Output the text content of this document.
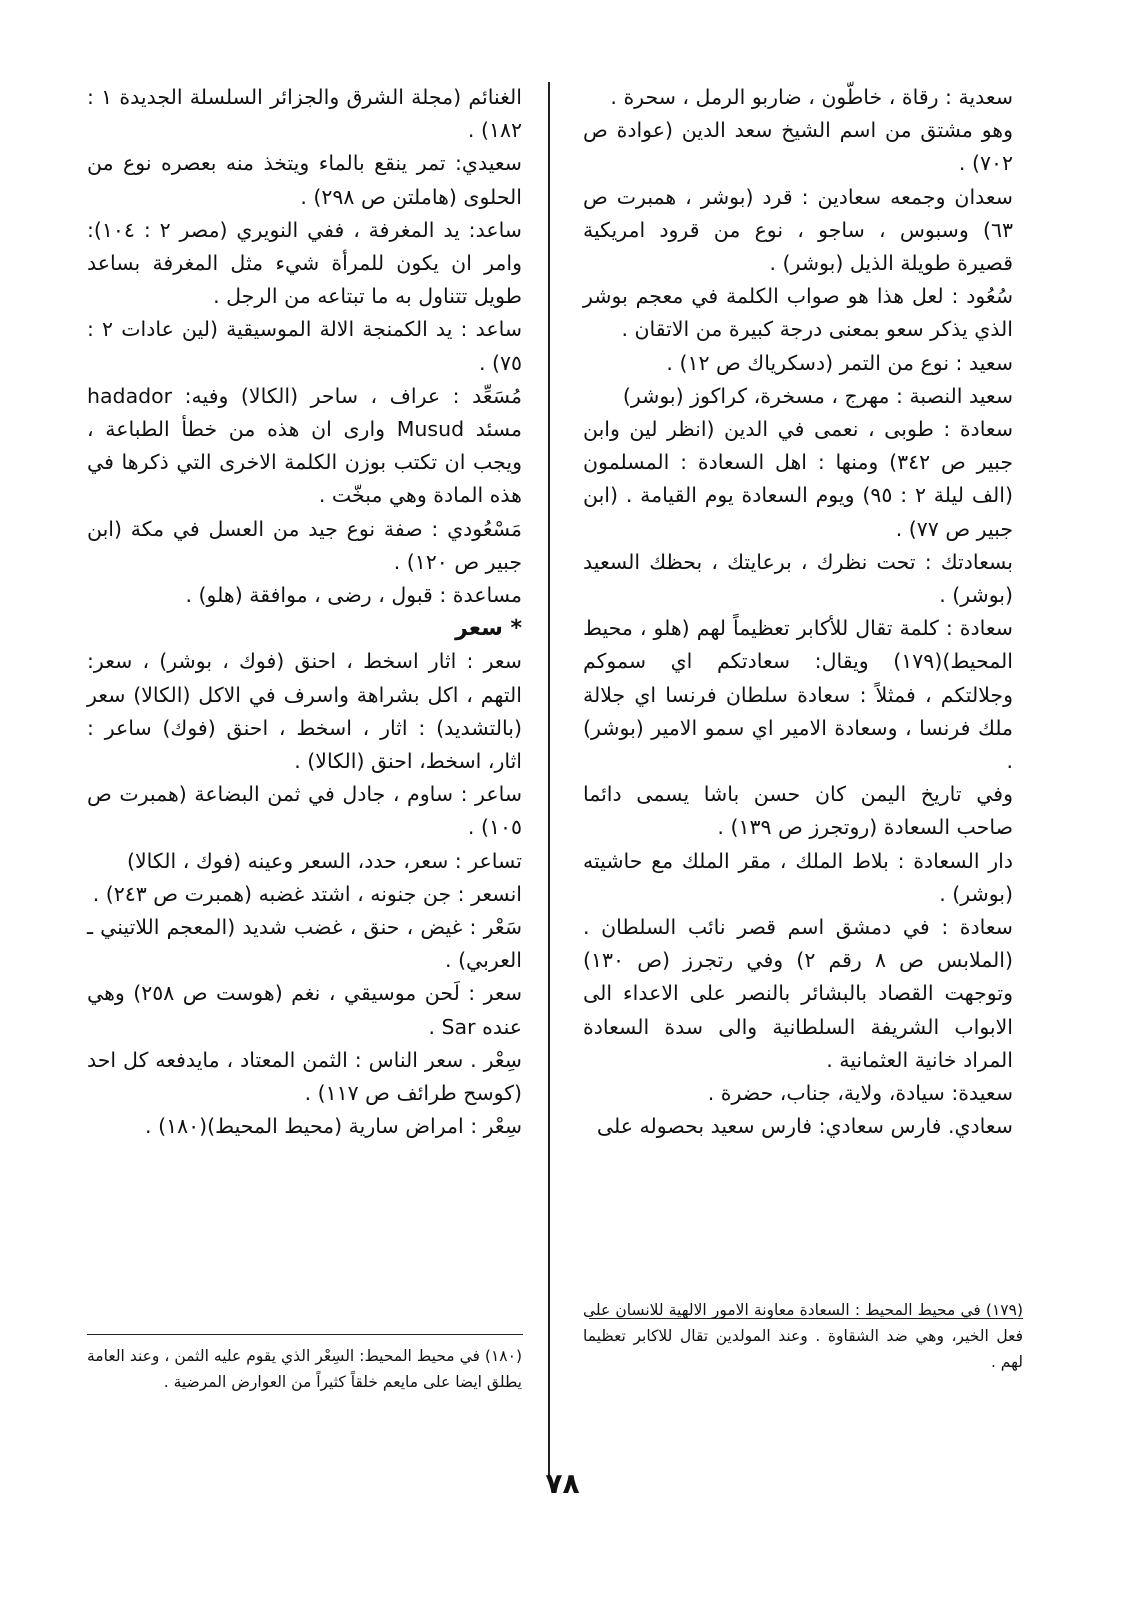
سعدية : رقاة ، خاطّون ، ضاربو الرمل ، سحرة .

وهو مشتق من اسم الشيخ سعد الدين (عوادة ص ٧٠٢) .

سعدان وجمعه سعادين : قرد (بوشر ، همبرت ص ٦٣) وسبوس ، ساجو ، نوع من قرود امريكية قصيرة طويلة الذيل (بوشر) .

سُعُود : لعل هذا هو صواب الكلمة في معجم بوشر الذي يذكر سعو بمعنى درجة كبيرة من الاتقان .

سعيد : نوع من التمر (دسكرياك ص ١٢) .

سعيد النصبة : مهرج ، مسخرة، كراكوز (بوشر)

سعادة : طوبى ، نعمى في الدين (انظر لين وابن جبير ص ٣٤٢) ومنها : اهل السعادة : المسلمون (الف ليلة ٢ : ٩٥) ويوم السعادة يوم القيامة . (ابن جبير ص ٧٧) .

بسعادتك : تحت نظرك ، برعايتك ، بحظك السعيد (بوشر) .

سعادة : كلمة تقال للأكابر تعظيماً لهم (هلو ، محيط المحيط)(١٧٩) ويقال: سعادتكم اي سموكم وجلالتكم ، فمثلاً : سعادة سلطان فرنسا اي جلالة ملك فرنسا ، وسعادة الامير اي سمو الامير (بوشر) .

وفي تاريخ اليمن كان حسن باشا يسمى دائما صاحب السعادة (روتجرز ص ١٣٩) .

دار السعادة : بلاط الملك ، مقر الملك مع حاشيته (بوشر) .

سعادة : في دمشق اسم قصر نائب السلطان . (الملابس ص ٨ رقم ٢) وفي رتجرز (ص ١٣٠) وتوجهت القصاد بالبشائر بالنصر على الاعداء الى الابواب الشريفة السلطانية والى سدة السعادة المراد خانية العثمانية .

سعيدة: سيادة، ولاية، جناب، حضرة .

سعادي. فارس سعادي: فارس سعيد بحصوله على

الغنائم (مجلة الشرق والجزائر السلسلة الجديدة ١ : ١٨٢) .

سعيدي: تمر ينقع بالماء ويتخذ منه بعصره نوع من الحلوى (هاملتن ص ٢٩٨) .

ساعد: يد المغرفة ، ففي النويري (مصر ٢ : ١٠٤): وامر ان يكون للمرأة شيء مثل المغرفة بساعد طويل تتناول به ما تبتاعه من الرجل .

ساعد : يد الكمنجة الالة الموسيقية (لين عادات ٢ : ٧٥) .

مُسَعِّد : عراف ، ساحر (الكالا) وفيه: hadador مسئد Musud وارى ان هذه من خطأ الطباعة ، ويجب ان تكتب بوزن الكلمة الاخرى التي ذكرها في هذه المادة وهي مبخّت .

مَسْعُودي : صفة نوع جيد من العسل في مكة (ابن جبير ص ١٢٠) .

مساعدة : قبول ، رضى ، موافقة (هلو) .

* سعر

سعر : اثار اسخط ، احنق (فوك ، بوشر) ، سعر: التهم ، اكل بشراهة واسرف في الاكل (الكالا) سعر (بالتشديد) : اثار ، اسخط ، احنق (فوك) ساعر : اثار، اسخط، احنق (الكالا) .

ساعر : ساوم ، جادل في ثمن البضاعة (همبرت ص ١٠٥) .

تساعر : سعر، حدد، السعر وعينه (فوك ، الكالا)

انسعر : جن جنونه ، اشتد غضبه (همبرت ص ٢٤٣) .

سَعْر : غيض ، حنق ، غضب شديد (المعجم اللاتيني ـ العربي) .

سعر : لَحن موسيقي ، نغم (هوست ص ٢٥٨) وهي عنده Sar .

سِعْر . سعر الناس : الثمن المعتاد ، مايدفعه كل احد (كوسح طرائف ص ١١٧) .

سِعْر : امراض سارية (محيط المحيط)(١٨٠) .

(١٧٩) في محيط المحيط : السعادة معاونة الامور الالهية للانسان على فعل الخير، وهي ضد الشقاوة . وعند المولدين تقال للاكابر تعظيما لهم .

(١٨٠) في محيط المحيط: السِعْر الذي يقوم عليه الثمن ، وعند العامة يطلق ايضا على مايعم خلقاً كثيراً من العوارض المرضية .

٧٨
